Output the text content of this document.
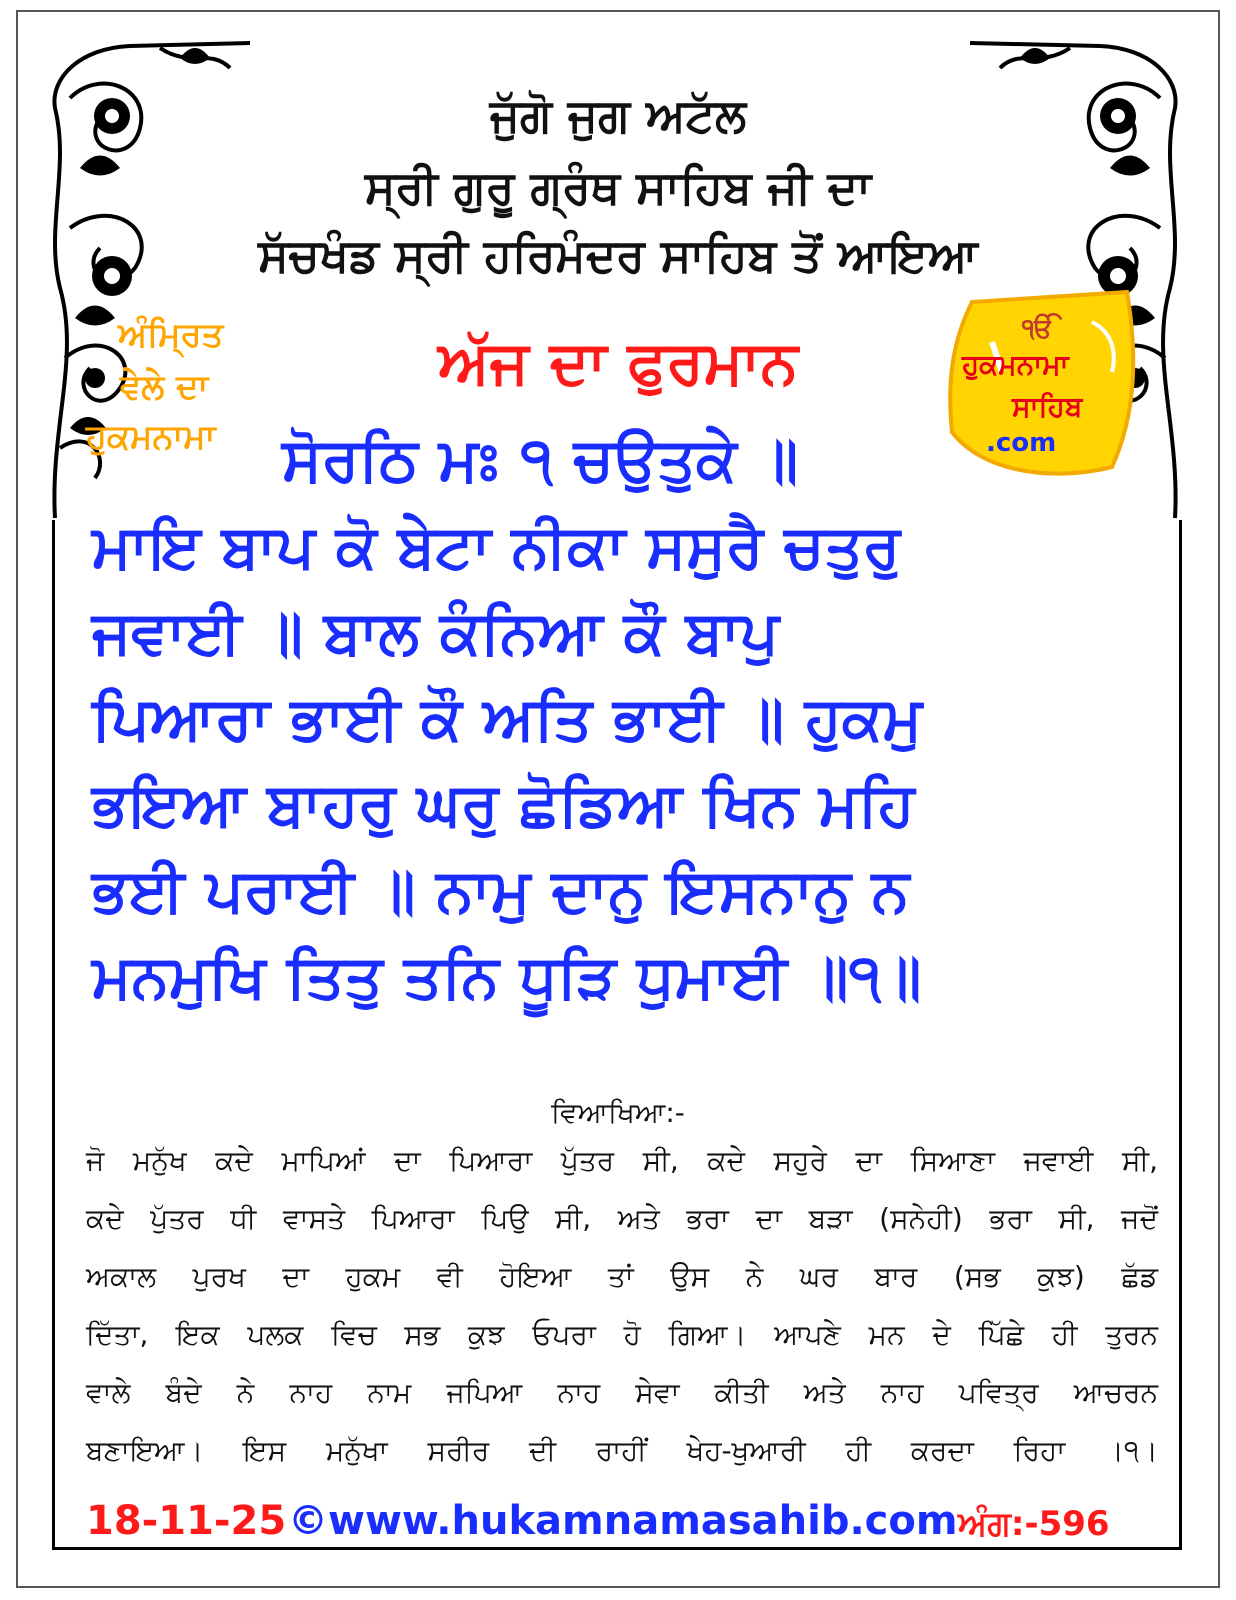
ਜੁੱਗੋ ਜੁਗ ਅਟੱਲ
ਸ੍ਰੀ ਗੁਰੂ ਗ੍ਰੰਥ ਸਾਹਿਬ ਜੀ ਦਾ
ਸੱਚਖੰਡ ਸ੍ਰੀ ਹਰਿਮੰਦਰ ਸਾਹਿਬ ਤੋਂ ਆਇਆ
ਅੰਮ੍ਰਿਤ
ਵੇਲੇ ਦਾ
ਹੁਕਮਨਾਮਾ
ਅੱਜ ਦਾ ਫੁਰਮਾਨ
ਸੋਰਠਿ ਮਃ ੧ ਚਉਤੁਕੇ ॥
ੴ
ਹੁਕਮਨਾਮਾ
ਸਾਹਿਬ
.com
ਮਾਇ ਬਾਪ ਕੋ ਬੇਟਾ ਨੀਕਾ ਸਸੁਰੈ ਚਤੁਰੁ
ਜਵਾਈ ॥ ਬਾਲ ਕੰਨਿਆ ਕੌ ਬਾਪੁ
ਪਿਆਰਾ ਭਾਈ ਕੌ ਅਤਿ ਭਾਈ ॥ ਹੁਕਮੁ
ਭਇਆ ਬਾਹਰੁ ਘਰੁ ਛੋਡਿਆ ਖਿਨ ਮਹਿ
ਭਈ ਪਰਾਈ ॥ ਨਾਮੁ ਦਾਨੁ ਇਸਨਾਨੁ ਨ
ਮਨਮੁਖਿ ਤਿਤੁ ਤਨਿ ਧੂੜਿ ਧੁਮਾਈ ॥੧॥
ਵਿਆਖਿਆ:-
ਜੋ ਮਨੁੱਖ ਕਦੇ ਮਾਪਿਆਂ ਦਾ ਪਿਆਰਾ ਪੁੱਤਰ ਸੀ, ਕਦੇ ਸਹੁਰੇ ਦਾ ਸਿਆਣਾ ਜਵਾਈ ਸੀ,
ਕਦੇ ਪੁੱਤਰ ਧੀ ਵਾਸਤੇ ਪਿਆਰਾ ਪਿਉ ਸੀ, ਅਤੇ ਭਰਾ ਦਾ ਬੜਾ (ਸਨੇਹੀ) ਭਰਾ ਸੀ, ਜਦੋਂ
ਅਕਾਲ ਪੁਰਖ ਦਾ ਹੁਕਮ ਵੀ ਹੋਇਆ ਤਾਂ ਉਸ ਨੇ ਘਰ ਬਾਰ (ਸਭ ਕੁਝ) ਛੱਡ
ਦਿੱਤਾ, ਇਕ ਪਲਕ ਵਿਚ ਸਭ ਕੁਝ ਓਪਰਾ ਹੋ ਗਿਆ। ਆਪਣੇ ਮਨ ਦੇ ਪਿੱਛੇ ਹੀ ਤੁਰਨ
ਵਾਲੇ ਬੰਦੇ ਨੇ ਨਾਹ ਨਾਮ ਜਪਿਆ ਨਾਹ ਸੇਵਾ ਕੀਤੀ ਅਤੇ ਨਾਹ ਪਵਿਤ੍ਰ ਆਚਰਨ
ਬਣਾਇਆ। ਇਸ ਮਨੁੱਖਾ ਸਰੀਰ ਦੀ ਰਾਹੀਂ ਖੇਹ-ਖੁਆਰੀ ਹੀ ਕਰਦਾ ਰਿਹਾ ।੧।
18-11-25 ©www.hukamnamasahib.com ਅੰਗ:-596
